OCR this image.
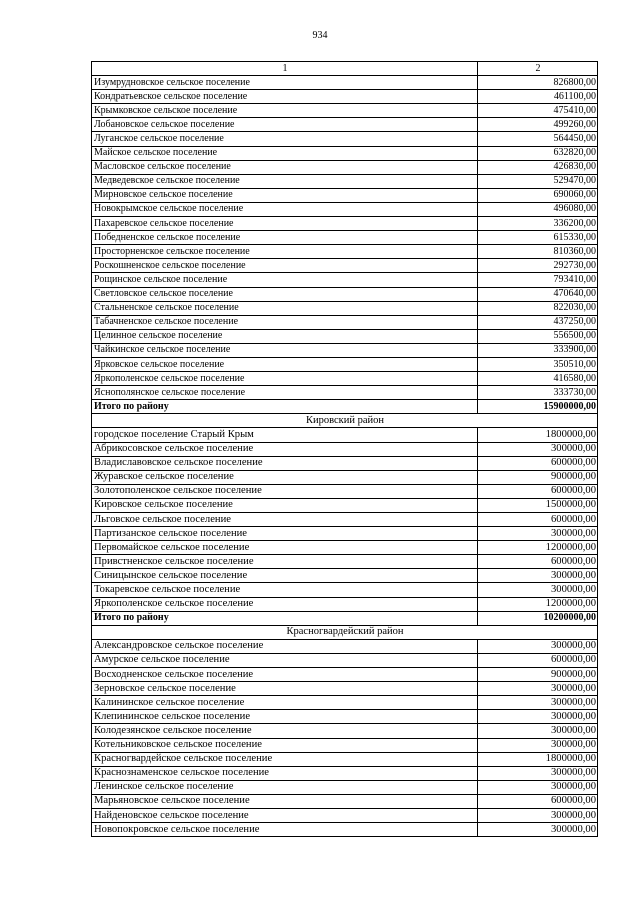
934
1	2
Изумрудновское сельское поселение	826800,00
Кондратьевское сельское поселение	461100,00
Крымковское сельское поселение	475410,00
Лобановское сельское поселение	499260,00
Луганское сельское поселение	564450,00
Майское сельское поселение	632820,00
Масловское сельское поселение	426830,00
Медведевское сельское поселение	529470,00
Мирновское сельское поселение	690060,00
Новокрымское сельское поселение	496080,00
Пахаревское сельское поселение	336200,00
Победненское сельское поселение	615330,00
Просторненское сельское поселение	810360,00
Роскошненское сельское поселение	292730,00
Рощинское сельское поселение	793410,00
Светловское сельское поселение	470640,00
Стальненское сельское поселение	822030,00
Табачненское сельское поселение	437250,00
Целинное сельское поселение	556500,00
Чайкинское сельское поселение	333900,00
Ярковское сельское поселение	350510,00
Яркополенское сельское поселение	416580,00
Яснополянское сельское поселение	333730,00
Итого по району	15900000,00
Кировский район	
городское поселение Старый Крым	1800000,00
Абрикосовское сельское поселение	300000,00
Владиславовское сельское поселение	600000,00
Журавское сельское поселение	900000,00
Золотополенское сельское поселение	600000,00
Кировское сельское поселение	1500000,00
Льговское сельское поселение	600000,00
Партизанское сельское поселение	300000,00
Первомайское сельское поселение	1200000,00
Привстненское сельское поселение	600000,00
Синицынское сельское поселение	300000,00
Токаревское сельское поселение	300000,00
Яркополенское сельское поселение	1200000,00
Итого по району	10200000,00
Красногвардейский район	
Александровское сельское поселение	300000,00
Амурское сельское поселение	600000,00
Восходненское сельское поселение	900000,00
Зерновское сельское поселение	300000,00
Калининское сельское поселение	300000,00
Клепининское сельское поселение	300000,00
Колодезянское сельское поселение	300000,00
Котельниковское сельское поселение	300000,00
Красногвардейское сельское поселение	1800000,00
Краснознаменское сельское поселение	300000,00
Ленинское сельское поселение	300000,00
Марьяновское сельское поселение	600000,00
Найденовское сельское поселение	300000,00
Новопокровское сельское поселение	300000,00
